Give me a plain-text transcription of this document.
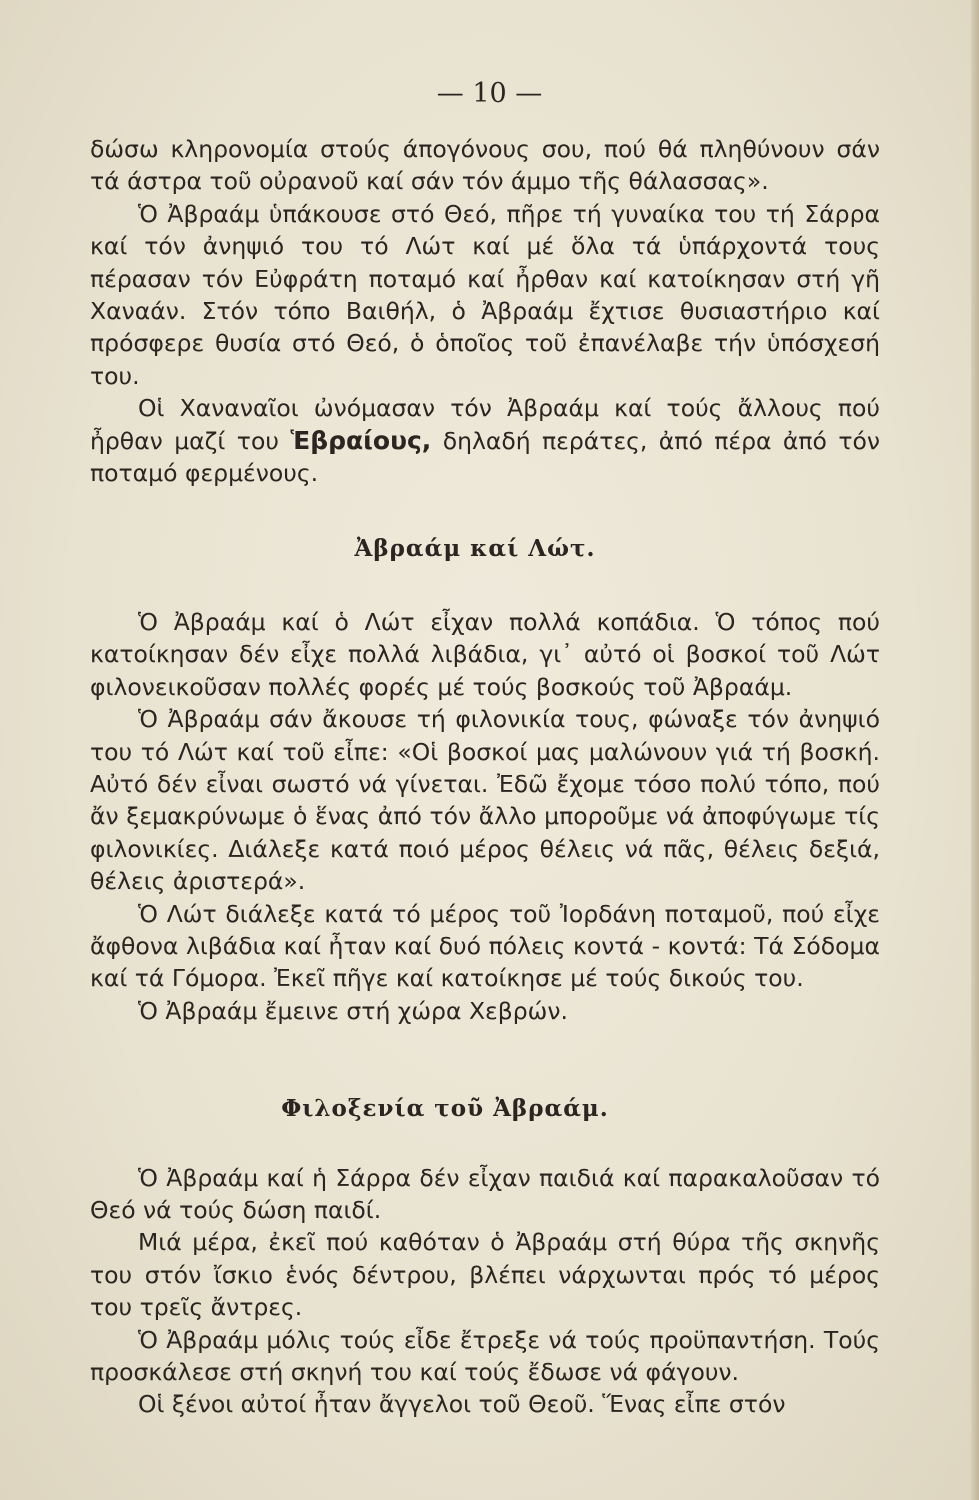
— 10 —

δώσω κληρονομία στούς άπογόνους σου, πού θά πληθύνουν σάν τά άστρα τοῦ οὐρανοῦ καί σάν τόν άμμο τῆς θάλασσας».

Ὁ Ἀβραάμ ὑπάκουσε στό Θεό, πῆρε τή γυναίκα του τή Σάρρα καί τόν ἀνηψιό του τό Λώτ καί μέ ὅλα τά ὑπάρχοντά τους πέρασαν τόν Εὐφράτη ποταμό καί ἦρθαν καί κατοίκησαν στή γῆ Χαναάν. Στόν τόπο Βαιθήλ, ὁ Ἀβραάμ ἔχτισε θυσιαστήριο καί πρόσφερε θυσία στό Θεό, ὁ ὁποῖος τοῦ ἐπανέλαβε τήν ὑπόσχεσή του.

Οἱ Χαναναῖοι ὠνόμασαν τόν Ἀβραάμ καί τούς ἄλλους πού ἦρθαν μαζί του Ἑβραίους, δηλαδή περάτες, ἀπό πέρα ἀπό τόν ποταμό φερμένους.

Ἀβραάμ καί Λώτ.

Ὁ Ἀβραάμ καί ὁ Λώτ εἶχαν πολλά κοπάδια. Ὁ τόπος πού κατοίκησαν δέν εἶχε πολλά λιβάδια, γι᾿ αὐτό οἱ βοσκοί τοῦ Λώτ φιλονεικοῦσαν πολλές φορές μέ τούς βοσκούς τοῦ Ἀβραάμ.

Ὁ Ἀβραάμ σάν ἄκουσε τή φιλονικία τους, φώναξε τόν ἀνηψιό του τό Λώτ καί τοῦ εἶπε: «Οἱ βοσκοί μας μαλώνουν γιά τή βοσκή. Αὐτό δέν εἶναι σωστό νά γίνεται. Ἐδῶ ἔχομε τόσο πολύ τόπο, πού ἄν ξεμακρύνωμε ὁ ἕνας ἀπό τόν ἄλλο μποροῦμε νά ἀποφύγωμε τίς φιλονικίες. Διάλεξε κατά ποιό μέρος θέλεις νά πᾶς, θέλεις δεξιά, θέλεις ἀριστερά».

Ὁ Λώτ διάλεξε κατά τό μέρος τοῦ Ἰορδάνη ποταμοῦ, πού εἶχε ἄφθονα λιβάδια καί ἦταν καί δυό πόλεις κοντά - κοντά: Τά Σόδομα καί τά Γόμορα. Ἐκεῖ πῆγε καί κατοίκησε μέ τούς δικούς του.

Ὁ Ἀβραάμ ἔμεινε στή χώρα Χεβρών.

Φιλοξενία τοῦ Ἀβραάμ.

Ὁ Ἀβραάμ καί ἡ Σάρρα δέν εἶχαν παιδιά καί παρακαλοῦσαν τό Θεό νά τούς δώση παιδί.

Μιά μέρα, ἐκεῖ πού καθόταν ὁ Ἀβραάμ στή θύρα τῆς σκηνῆς του στόν ἴσκιο ἑνός δέντρου, βλέπει νάρχωνται πρός τό μέρος του τρεῖς ἄντρες.

Ὁ Ἀβραάμ μόλις τούς εἶδε ἔτρεξε νά τούς προϋπαντήση. Τούς προσκάλεσε στή σκηνή του καί τούς ἔδωσε νά φάγουν.

Οἱ ξένοι αὐτοί ἦταν ἄγγελοι τοῦ Θεοῦ. Ἕνας εἶπε στόν
